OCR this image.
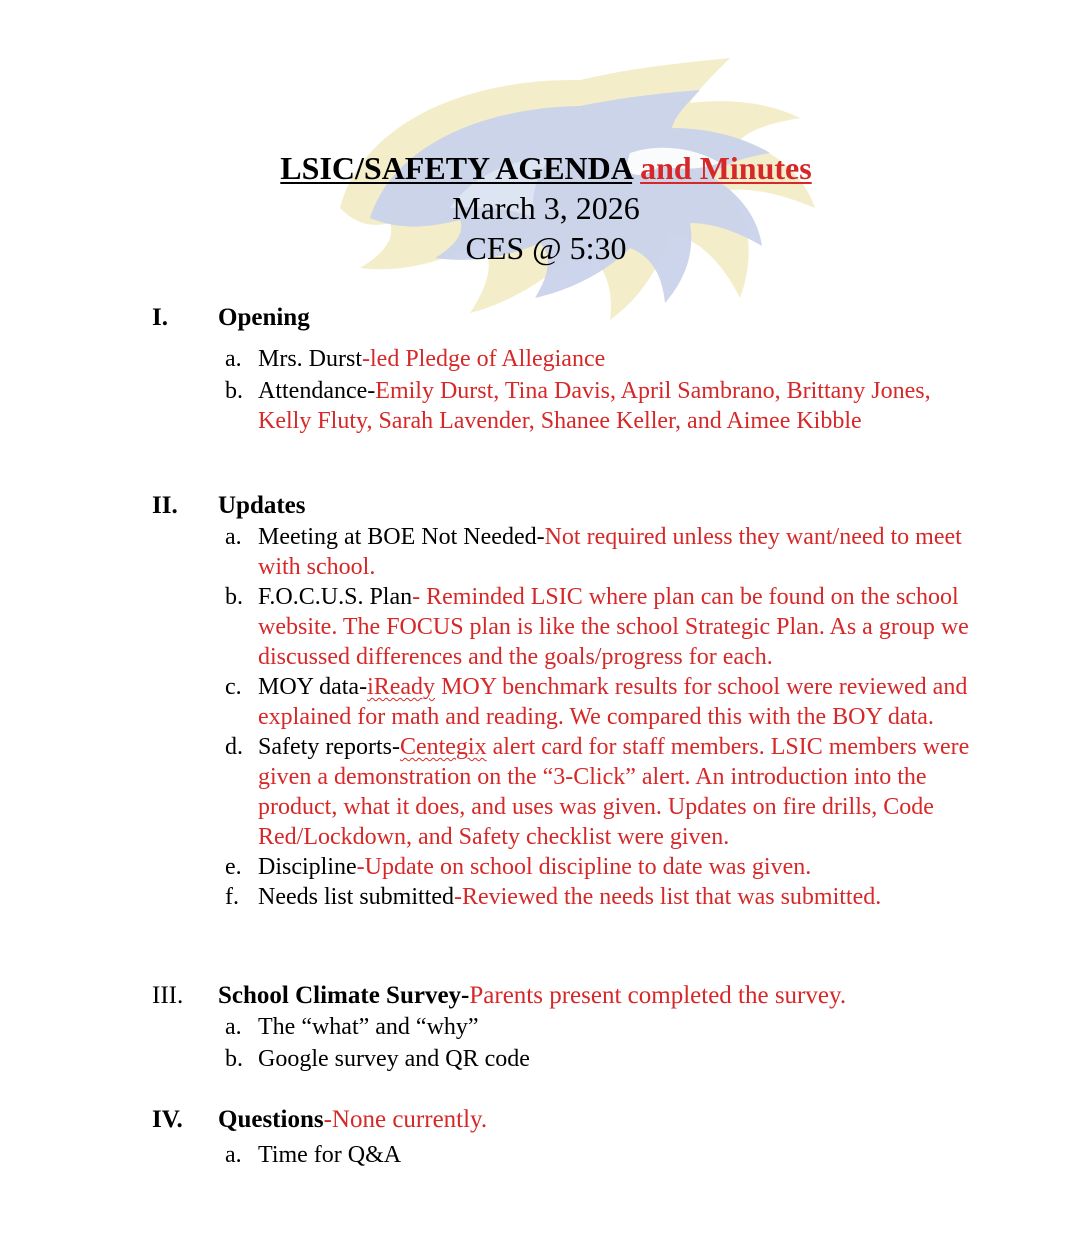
LSIC/SAFETY AGENDA and Minutes
March 3, 2026
CES @ 5:30
I. Opening
a. Mrs. Durst-led Pledge of Allegiance
b. Attendance-Emily Durst, Tina Davis, April Sambrano, Brittany Jones, Kelly Fluty, Sarah Lavender, Shanee Keller, and Aimee Kibble
II. Updates
a. Meeting at BOE Not Needed-Not required unless they want/need to meet with school.
b. F.O.C.U.S. Plan- Reminded LSIC where plan can be found on the school website. The FOCUS plan is like the school Strategic Plan. As a group we discussed differences and the goals/progress for each.
c. MOY data-iReady MOY benchmark results for school were reviewed and explained for math and reading. We compared this with the BOY data.
d. Safety reports-Centegix alert card for staff members. LSIC members were given a demonstration on the “3-Click” alert. An introduction into the product, what it does, and uses was given. Updates on fire drills, Code Red/Lockdown, and Safety checklist were given.
e. Discipline-Update on school discipline to date was given.
f. Needs list submitted-Reviewed the needs list that was submitted.
III. School Climate Survey-Parents present completed the survey.
a. The “what” and “why”
b. Google survey and QR code
IV. Questions-None currently.
a. Time for Q&A
